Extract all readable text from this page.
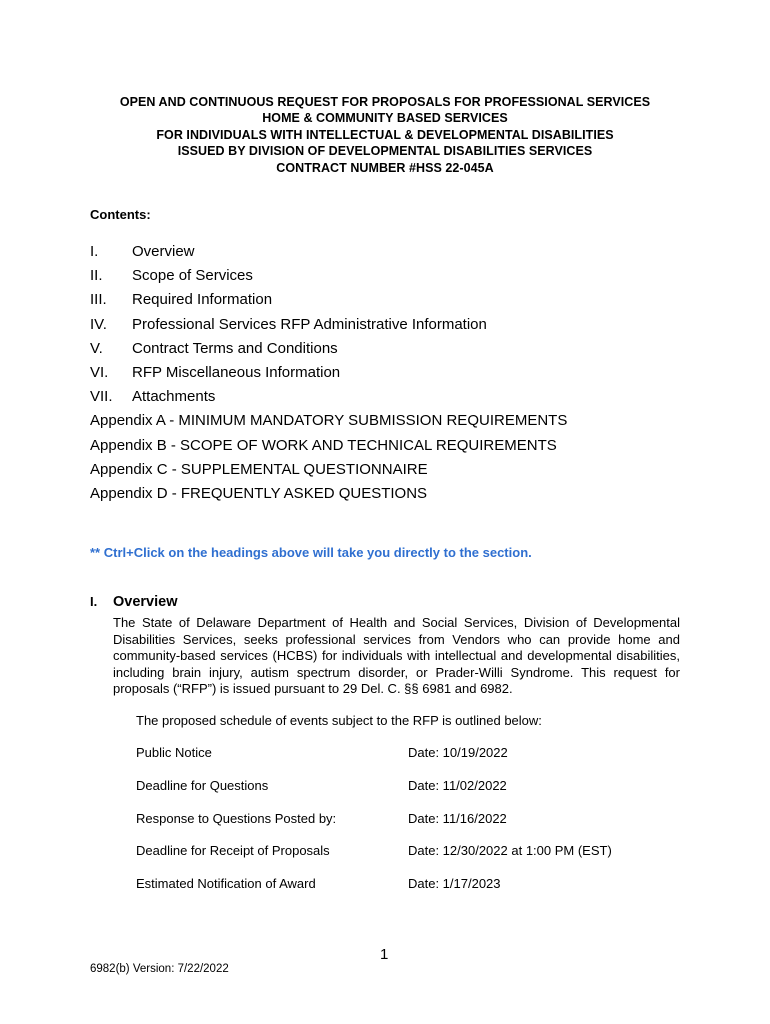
OPEN AND CONTINUOUS REQUEST FOR PROPOSALS FOR PROFESSIONAL SERVICES
HOME & COMMUNITY BASED SERVICES
FOR INDIVIDUALS WITH INTELLECTUAL & DEVELOPMENTAL DISABILITIES
ISSUED BY DIVISION OF DEVELOPMENTAL DISABILITIES SERVICES
CONTRACT NUMBER #HSS 22-045A
Contents:
I. Overview
II. Scope of Services
III. Required Information
IV. Professional Services RFP Administrative Information
V. Contract Terms and Conditions
VI. RFP Miscellaneous Information
VII. Attachments
Appendix A - MINIMUM MANDATORY SUBMISSION REQUIREMENTS
Appendix B - SCOPE OF WORK AND TECHNICAL REQUIREMENTS
Appendix C - SUPPLEMENTAL QUESTIONNAIRE
Appendix D - FREQUENTLY ASKED QUESTIONS
** Ctrl+Click on the headings above will take you directly to the section.
I. Overview
The State of Delaware Department of Health and Social Services, Division of Developmental Disabilities Services, seeks professional services from Vendors who can provide home and community-based services (HCBS) for individuals with intellectual and developmental disabilities, including brain injury, autism spectrum disorder, or Prader-Willi Syndrome. This request for proposals (“RFP”) is issued pursuant to 29 Del. C. §§ 6981 and 6982.
The proposed schedule of events subject to the RFP is outlined below:
Public Notice	Date: 10/19/2022
Deadline for Questions	Date: 11/02/2022
Response to Questions Posted by:	Date: 11/16/2022
Deadline for Receipt of Proposals	Date: 12/30/2022 at 1:00 PM (EST)
Estimated Notification of Award	Date: 1/17/2023
1
6982(b) Version: 7/22/2022
